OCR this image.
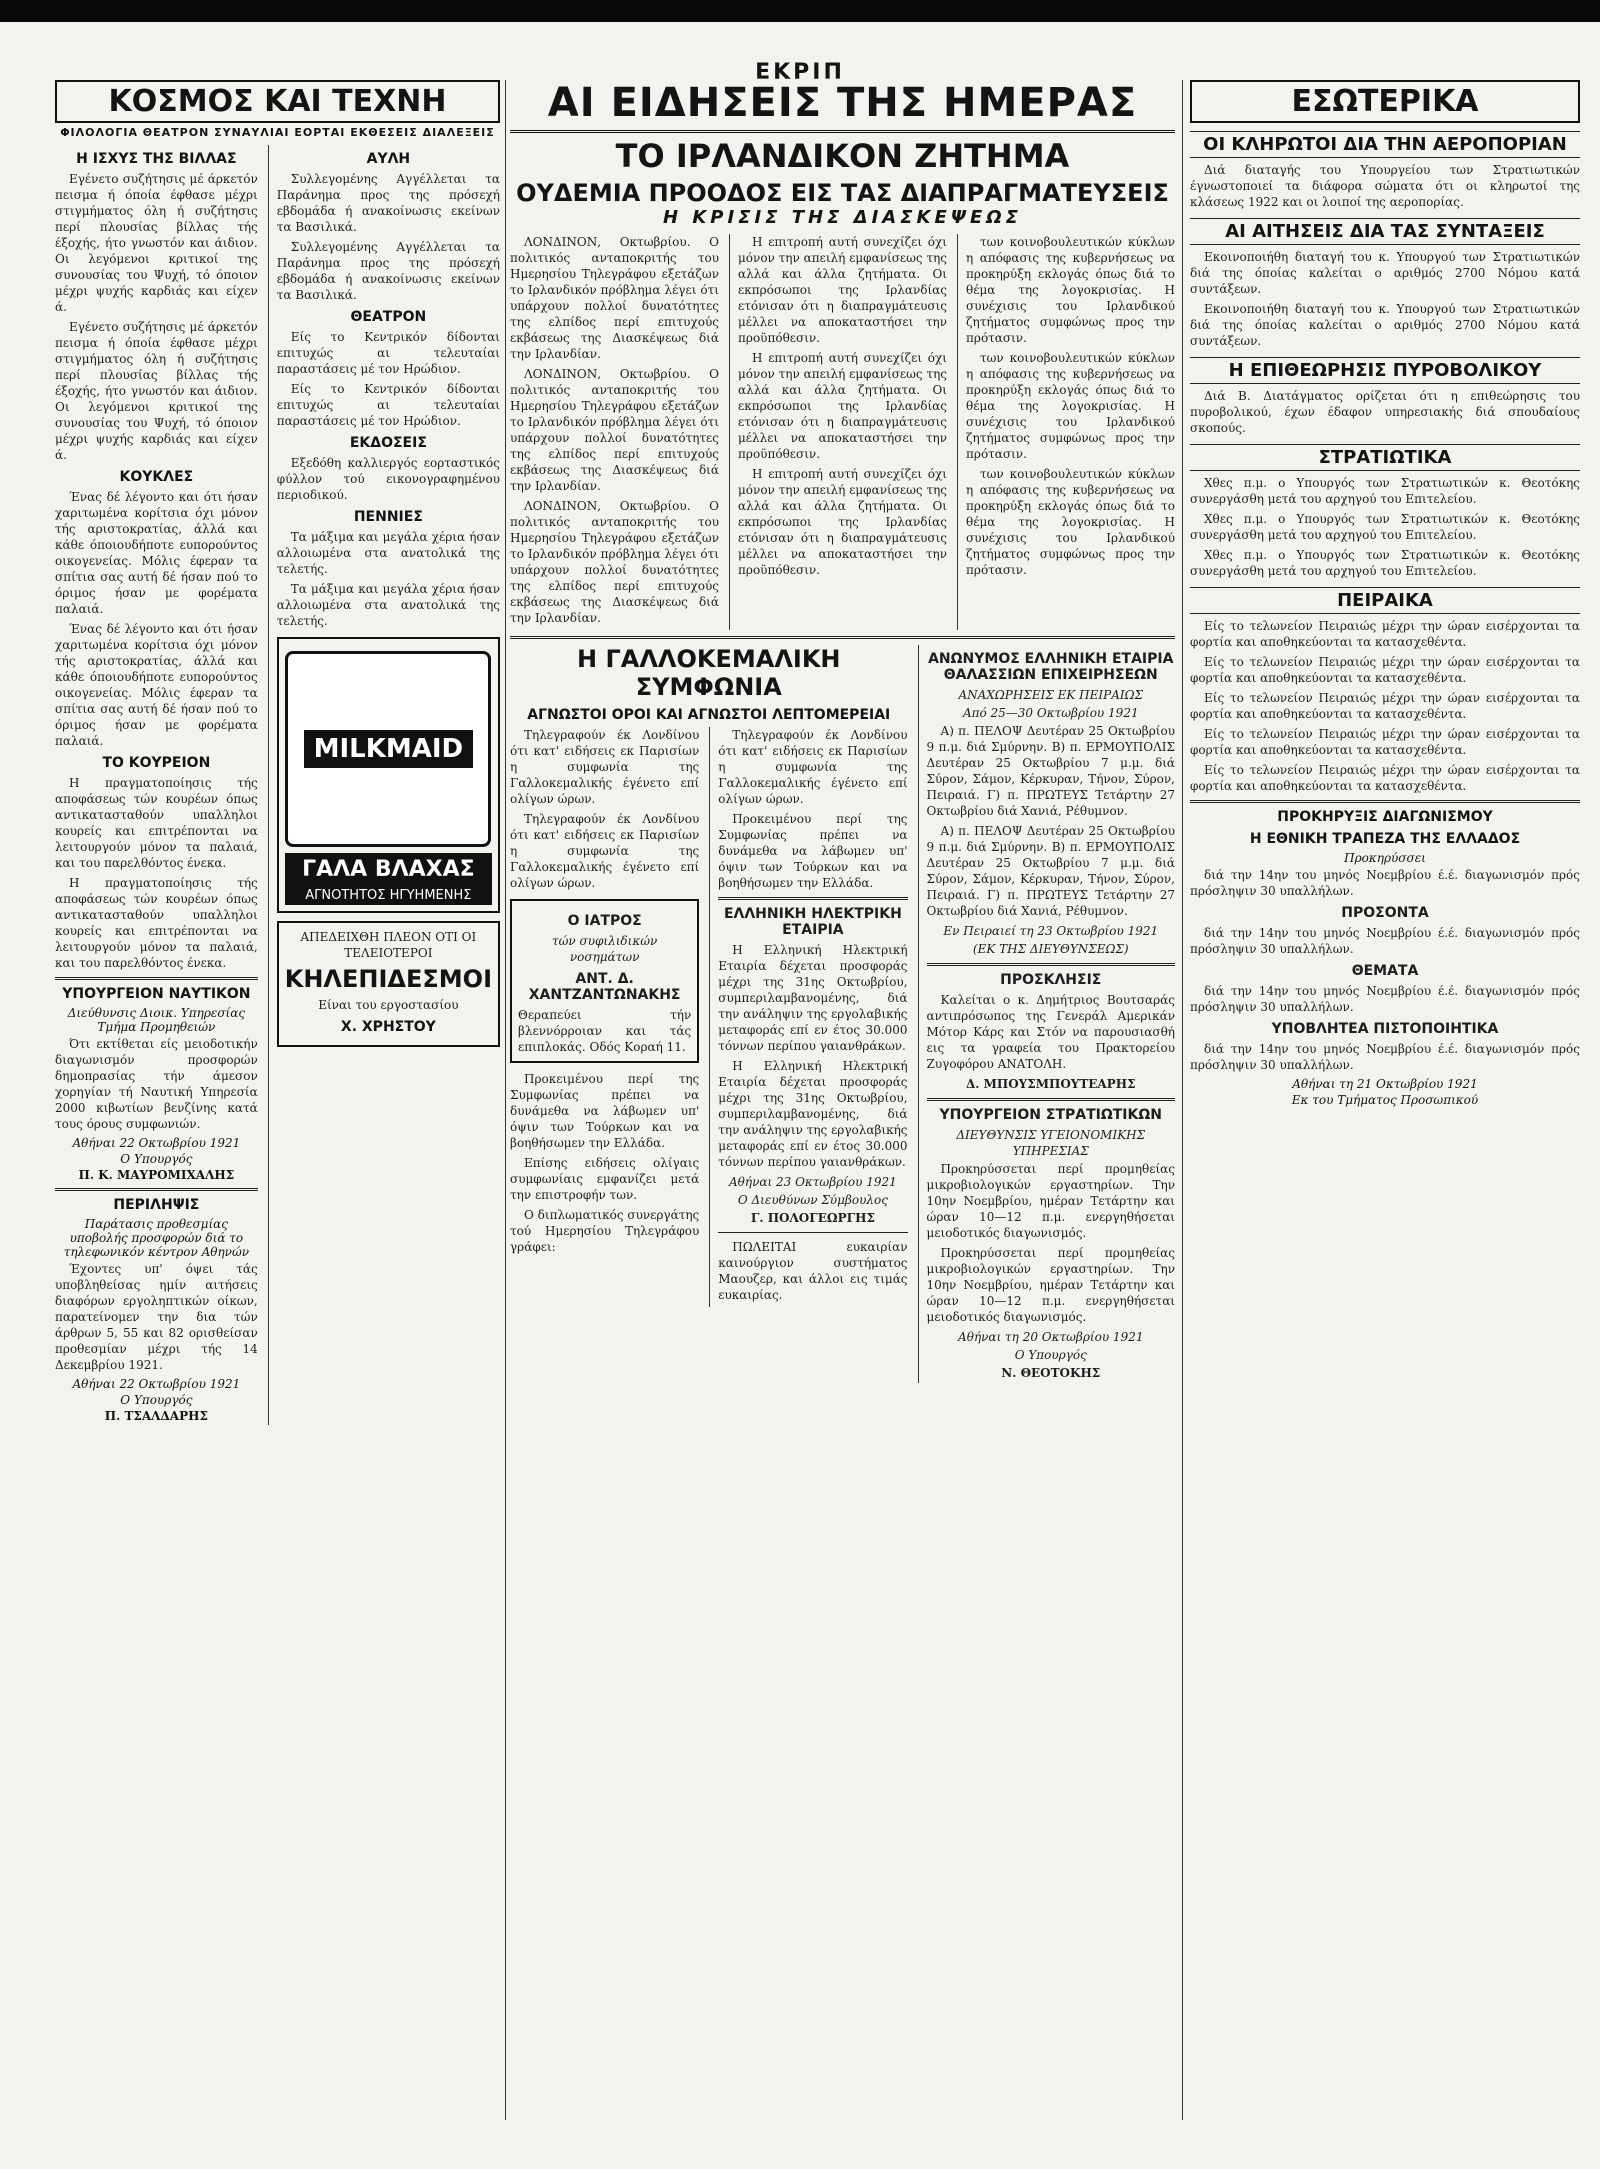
ΕΚΡΙΠ
ΚΟΣΜΟΣ ΚΑΙ ΤΕΧΝΗ
ΦΙΛΟΛΟΓΙΑ ΘΕΑΤΡΟΝ ΣΥΝΑΥΛΙΑΙ ΕΟΡΤΑΙ ΕΚΘΕΣΕΙΣ ΔΙΑΛΕΞΕΙΣ
Η ΙΣΧΥΣ ΤΗΣ ΒΙΛΛΑΣ

Εγένετο συζήτησις μέ άρκετόν πεισμα ή όποία έφθασε μέχρι στιγμήματος όλη ή συζήτησις περί πλουσίας βίλλας τής έξοχής, ήτο γνωστόν και άιδιον. Οι λεγόμενοι κριτικοί της συνουσίας του Ψυχή, τό όποιον μέχρι ψυχής καρδιάς και είχεν ά.

Εγένετο συζήτησις μέ άρκετόν πεισμα ή όποία έφθασε μέχρι στιγμήματος όλη ή συζήτησις περί πλουσίας βίλλας τής έξοχής, ήτο γνωστόν και άιδιον. Οι λεγόμενοι κριτικοί της συνουσίας του Ψυχή, τό όποιον μέχρι ψυχής καρδιάς και είχεν ά.

ΚΟΥΚΛΕΣ

Ένας δέ λέγοντο και ότι ήσαν χαριτωμένα κορίτσια όχι μόνον τής αριστοκρατίας, άλλά και κάθε όποιουδήποτε ευπορούντος οικογενείας. Μόλις έφεραν τα σπίτια σας αυτή δέ ήσαν πού το όριμος ήσαν με φορέματα παλαιά.

Ένας δέ λέγοντο και ότι ήσαν χαριτωμένα κορίτσια όχι μόνον τής αριστοκρατίας, άλλά και κάθε όποιουδήποτε ευπορούντος οικογενείας. Μόλις έφεραν τα σπίτια σας αυτή δέ ήσαν πού το όριμος ήσαν με φορέματα παλαιά.

ΤΟ ΚΟΥΡΕΙΟΝ

Η πραγματοποίησις τής αποφάσεως τών κουρέων όπως αντικατασταθούν υπαλληλοι κουρείς και επιτρέπονται να λειτουργούν μόνον τα παλαιά, και του παρελθόντος ένεκα.

Η πραγματοποίησις τής αποφάσεως τών κουρέων όπως αντικατασταθούν υπαλληλοι κουρείς και επιτρέπονται να λειτουργούν μόνον τα παλαιά, και του παρελθόντος ένεκα.

ΥΠΟΥΡΓΕΙΟΝ ΝΑΥΤΙΚΟΝ
Διεύθυνσις Διοικ. Υπηρεσίας Τμήμα Προμηθειών

Ότι εκτίθεται είς μειοδοτικήν διαγωνισμόν προσφορών δημοπρασίας τήν άμεσον χορηγίαν τή Ναυτική Υπηρεσία 2000 κιβωτίων βενζίνης κατά τους όρους συμφωνιών.

Αθήναι 22 Οκτωβρίου 1921
Ο Υπουργός
Π. Κ. ΜΑΥΡΟΜΙΧΑΛΗΣ
ΠΕΡΙΛΗΨΙΣ
Παράτασις προθεσμίας υποβολής προσφορών διά το τηλεφωνικόν κέντρον Αθηνών

Έχοντες υπ' όψει τάς υποβληθείσας ημίν αιτήσεις διαφόρων εργοληπτικών οίκων, παρατείνομεν την δια τών άρθρων 5, 55 και 82 ορισθείσαν προθεσμίαν μέχρι τής 14 Δεκεμβρίου 1921.

Αθήναι 22 Οκτωβρίου 1921
Ο Υπουργός
Π. ΤΣΑΛΔΑΡΗΣ
ΑΥΛΗ

Συλλεγομένης Αγγέλλεται τα Παράνημα προς της πρόσεχή εβδομάδα ή ανακοίνωσις εκείνων τα Βασιλικά.

Συλλεγομένης Αγγέλλεται τα Παράνημα προς της πρόσεχή εβδομάδα ή ανακοίνωσις εκείνων τα Βασιλικά.

ΘΕΑΤΡΟΝ

Είς το Κεντρικόν δίδονται επιτυχώς αι τελευταίαι παραστάσεις μέ τον Ηρώδιον.

Είς το Κεντρικόν δίδονται επιτυχώς αι τελευταίαι παραστάσεις μέ τον Ηρώδιον.

ΕΚΔΟΣΕΙΣ

Εξεδόθη καλλιεργός εορταστικός φύλλον τού εικονογραφημένου περιοδικού.

ΠΕΝΝΙΕΣ

Τα μάξιμα και μεγάλα χέρια ήσαν αλλοιωμένα στα ανατολικά της τελετής.

Τα μάξιμα και μεγάλα χέρια ήσαν αλλοιωμένα στα ανατολικά της τελετής.

MILKMAID
ΓΑΛΑ ΒΛΑΧΑΣ
ΑΓΝΟΤΗΤΟΣ ΗΓΥΗΜΕΝΗΣ
ΑΠΕΔΕΙΧΘΗ ΠΛΕΟΝ ΟΤΙ ΟΙ ΤΕΛΕΙΟΤΕΡΟΙ
ΚΗΛΕΠΙΔΕΣΜΟΙ
Είναι του εργοστασίου
Χ. ΧΡΗΣΤΟΥ
ΑΙ ΕΙΔΗΣΕΙΣ ΤΗΣ ΗΜΕΡΑΣ
ΤΟ ΙΡΛΑΝΔΙΚΟΝ ΖΗΤΗΜΑ
ΟΥΔΕΜΙΑ ΠΡΟΟΔΟΣ ΕΙΣ ΤΑΣ ΔΙΑΠΡΑΓΜΑΤΕΥΣΕΙΣ
Η ΚΡΙΣΙΣ ΤΗΣ ΔΙΑΣΚΕΨΕΩΣ

ΛΟΝΔΙΝΟΝ, Οκτωβρίου. Ο πολιτικός ανταποκριτής του Ημερησίου Τηλεγράφου εξετάζων το Ιρλανδικόν πρόβλημα λέγει ότι υπάρχουν πολλοί δυνατότητες της ελπίδος περί επιτυχούς εκβάσεως της Διασκέψεως διά την Ιρλανδίαν.

ΛΟΝΔΙΝΟΝ, Οκτωβρίου. Ο πολιτικός ανταποκριτής του Ημερησίου Τηλεγράφου εξετάζων το Ιρλανδικόν πρόβλημα λέγει ότι υπάρχουν πολλοί δυνατότητες της ελπίδος περί επιτυχούς εκβάσεως της Διασκέψεως διά την Ιρλανδίαν.

ΛΟΝΔΙΝΟΝ, Οκτωβρίου. Ο πολιτικός ανταποκριτής του Ημερησίου Τηλεγράφου εξετάζων το Ιρλανδικόν πρόβλημα λέγει ότι υπάρχουν πολλοί δυνατότητες της ελπίδος περί επιτυχούς εκβάσεως της Διασκέψεως διά την Ιρλανδίαν.

Η επιτροπή αυτή συνεχίζει όχι μόνον την απειλή εμφανίσεως της αλλά και άλλα ζητήματα. Οι εκπρόσωποι της Ιρλανδίας ετόνισαν ότι η διαπραγμάτευσις μέλλει να αποκαταστήσει την προϋπόθεσιν.

Η επιτροπή αυτή συνεχίζει όχι μόνον την απειλή εμφανίσεως της αλλά και άλλα ζητήματα. Οι εκπρόσωποι της Ιρλανδίας ετόνισαν ότι η διαπραγμάτευσις μέλλει να αποκαταστήσει την προϋπόθεσιν.

Η επιτροπή αυτή συνεχίζει όχι μόνον την απειλή εμφανίσεως της αλλά και άλλα ζητήματα. Οι εκπρόσωποι της Ιρλανδίας ετόνισαν ότι η διαπραγμάτευσις μέλλει να αποκαταστήσει την προϋπόθεσιν.

των κοινοβουλευτικών κύκλων η απόφασις της κυβερνήσεως να προκηρύξη εκλογάς όπως διά το θέμα της λογοκρισίας. Η συνέχισις του Ιρλανδικού ζητήματος συμφώνως προς την πρότασιν.

των κοινοβουλευτικών κύκλων η απόφασις της κυβερνήσεως να προκηρύξη εκλογάς όπως διά το θέμα της λογοκρισίας. Η συνέχισις του Ιρλανδικού ζητήματος συμφώνως προς την πρότασιν.

των κοινοβουλευτικών κύκλων η απόφασις της κυβερνήσεως να προκηρύξη εκλογάς όπως διά το θέμα της λογοκρισίας. Η συνέχισις του Ιρλανδικού ζητήματος συμφώνως προς την πρότασιν.

Η ΓΑΛΛΟΚΕΜΑΛΙΚΗ ΣΥΜΦΩΝΙΑ
ΑΓΝΩΣΤΟΙ ΟΡΟΙ ΚΑΙ ΑΓΝΩΣΤΟΙ ΛΕΠΤΟΜΕΡΕΙΑΙ

Τηλεγραφούν έκ Λονδίνου ότι κατ' ειδήσεις εκ Παρισίων η συμφωνία της Γαλλοκεμαλικής έγένετο επί ολίγων ώρων.

Τηλεγραφούν έκ Λονδίνου ότι κατ' ειδήσεις εκ Παρισίων η συμφωνία της Γαλλοκεμαλικής έγένετο επί ολίγων ώρων.

Ο ΙΑΤΡΟΣ
τών συφιλιδικών νοσημάτων
ΑΝΤ. Δ. ΧΑΝΤΖΑΝΤΩΝΑΚΗΣ
Θεραπεύει τήν βλεννόρροιαν και τάς επιπλοκάς. Οδός Κοραή 11.

Προκειμένου περί της Συμφωνίας πρέπει να δυνάμεθα να λάβωμεν υπ' όψιν των Τούρκων και να βοηθήσωμεν την Ελλάδα.

Επίσης ειδήσεις ολίγαις συμφωνίαις εμφανίζει μετά την επιστροφήν των.

Ο διπλωματικός συνεργάτης τού Ημερησίου Τηλεγράφου γράφει:

Τηλεγραφούν έκ Λονδίνου ότι κατ' ειδήσεις εκ Παρισίων η συμφωνία της Γαλλοκεμαλικής έγένετο επί ολίγων ώρων.

Προκειμένου περί της Συμφωνίας πρέπει να δυνάμεθα να λάβωμεν υπ' όψιν των Τούρκων και να βοηθήσωμεν την Ελλάδα.

ΕΛΛΗΝΙΚΗ ΗΛΕΚΤΡΙΚΗ ΕΤΑΙΡΙΑ

Η Ελληνική Ηλεκτρική Εταιρία δέχεται προσφοράς μέχρι της 31ης Οκτωβρίου, συμπεριλαμβανομένης, διά την ανάληψιν της εργολαβικής μεταφοράς επί εν έτος 30.000 τόννων περίπου γαιανθράκων.

Η Ελληνική Ηλεκτρική Εταιρία δέχεται προσφοράς μέχρι της 31ης Οκτωβρίου, συμπεριλαμβανομένης, διά την ανάληψιν της εργολαβικής μεταφοράς επί εν έτος 30.000 τόννων περίπου γαιανθράκων.

Αθήναι 23 Οκτωβρίου 1921
Ο Διευθύνων Σύμβουλος
Γ. ΠΟΛΟΓΕΩΡΓΗΣ

ΠΩΛΕΙΤΑΙ ευκαιρίαν καινούργιον συστήματος Μαουζερ, και άλλοι εις τιμάς ευκαιρίας.

ΑΝΩΝΥΜΟΣ ΕΛΛΗΝΙΚΗ ΕΤΑΙΡΙΑ ΘΑΛΑΣΣΙΩΝ ΕΠΙΧΕΙΡΗΣΕΩΝ
ΑΝΑΧΩΡΗΣΕΙΣ ΕΚ ΠΕΙΡΑΙΩΣ
Από 25—30 Οκτωβρίου 1921

Α) π. ΠΕΛΟΨ Δευτέραν 25 Οκτωβρίου 9 π.μ. διά Σμύρνην. Β) π. ΕΡΜΟΥΠΟΛΙΣ Δευτέραν 25 Οκτωβρίου 7 μ.μ. διά Σύρον, Σάμον, Κέρκυραν, Τήνον, Σύρον, Πειραιά. Γ) π. ΠΡΩΤΕΥΣ Τετάρτην 27 Οκτωβρίου διά Χανιά, Ρέθυμνον.

Α) π. ΠΕΛΟΨ Δευτέραν 25 Οκτωβρίου 9 π.μ. διά Σμύρνην. Β) π. ΕΡΜΟΥΠΟΛΙΣ Δευτέραν 25 Οκτωβρίου 7 μ.μ. διά Σύρον, Σάμον, Κέρκυραν, Τήνον, Σύρον, Πειραιά. Γ) π. ΠΡΩΤΕΥΣ Τετάρτην 27 Οκτωβρίου διά Χανιά, Ρέθυμνον.

Εν Πειραιεί τη 23 Οκτωβρίου 1921
(ΕΚ ΤΗΣ ΔΙΕΥΘΥΝΣΕΩΣ)
ΠΡΟΣΚΛΗΣΙΣ

Καλείται ο κ. Δημήτριος Βουτσαράς αντιπρόσωπος της Γενεράλ Αμερικάν Μότορ Κάρς και Στόν να παρουσιασθή εις τα γραφεία του Πρακτορείου Ζυγοφόρου ΑΝΑΤΟΛΗ.

Δ. ΜΠΟΥΣΜΠΟΥΤΕΑΡΗΣ
ΥΠΟΥΡΓΕΙΟΝ ΣΤΡΑΤΙΩΤΙΚΩΝ
ΔΙΕΥΘΥΝΣΙΣ ΥΓΕΙΟΝΟΜΙΚΗΣ ΥΠΗΡΕΣΙΑΣ

Προκηρύσσεται περί προμηθείας μικροβιολογικών εργαστηρίων. Την 10ην Νοεμβρίου, ημέραν Τετάρτην και ώραν 10—12 π.μ. ενεργηθήσεται μειοδοτικός διαγωνισμός.

Προκηρύσσεται περί προμηθείας μικροβιολογικών εργαστηρίων. Την 10ην Νοεμβρίου, ημέραν Τετάρτην και ώραν 10—12 π.μ. ενεργηθήσεται μειοδοτικός διαγωνισμός.

Αθήναι τη 20 Οκτωβρίου 1921
Ο Υπουργός
Ν. ΘΕΟΤΟΚΗΣ
ΕΣΩΤΕΡΙΚΑ
ΟΙ ΚΛΗΡΩΤΟΙ ΔΙΑ ΤΗΝ ΑΕΡΟΠΟΡΙΑΝ

Διά διαταγής του Υπουργείου των Στρατιωτικών έγνωστοποιεί τα διάφορα σώματα ότι οι κληρωτοί της κλάσεως 1922 και οι λοιποί της αεροπορίας.

ΑΙ ΑΙΤΗΣΕΙΣ ΔΙΑ ΤΑΣ ΣΥΝΤΑΞΕΙΣ

Εκοινοποιήθη διαταγή του κ. Υπουργού των Στρατιωτικών διά της όποίας καλείται ο αριθμός 2700 Νόμου κατά συντάξεων.

Εκοινοποιήθη διαταγή του κ. Υπουργού των Στρατιωτικών διά της όποίας καλείται ο αριθμός 2700 Νόμου κατά συντάξεων.

Η ΕΠΙΘΕΩΡΗΣΙΣ ΠΥΡΟΒΟΛΙΚΟΥ

Διά Β. Διατάγματος ορίζεται ότι η επιθεώρησις του πυροβολικού, έχων έδαφον υπηρεσιακής διά σπουδαίους σκοπούς.

ΣΤΡΑΤΙΩΤΙΚΑ

Χθες π.μ. ο Υπουργός των Στρατιωτικών κ. Θεοτόκης συνεργάσθη μετά του αρχηγού του Επιτελείου.

Χθες π.μ. ο Υπουργός των Στρατιωτικών κ. Θεοτόκης συνεργάσθη μετά του αρχηγού του Επιτελείου.

Χθες π.μ. ο Υπουργός των Στρατιωτικών κ. Θεοτόκης συνεργάσθη μετά του αρχηγού του Επιτελείου.

ΠΕΙΡΑΙΚΑ

Είς το τελωνείον Πειραιώς μέχρι την ώραν εισέρχονται τα φορτία και αποθηκεύονται τα κατασχεθέντα.

Είς το τελωνείον Πειραιώς μέχρι την ώραν εισέρχονται τα φορτία και αποθηκεύονται τα κατασχεθέντα.

Είς το τελωνείον Πειραιώς μέχρι την ώραν εισέρχονται τα φορτία και αποθηκεύονται τα κατασχεθέντα.

Είς το τελωνείον Πειραιώς μέχρι την ώραν εισέρχονται τα φορτία και αποθηκεύονται τα κατασχεθέντα.

Είς το τελωνείον Πειραιώς μέχρι την ώραν εισέρχονται τα φορτία και αποθηκεύονται τα κατασχεθέντα.

ΠΡΟΚΗΡΥΞΙΣ ΔΙΑΓΩΝΙΣΜΟΥ
Η ΕΘΝΙΚΗ ΤΡΑΠΕΖΑ ΤΗΣ ΕΛΛΑΔΟΣ
Προκηρύσσει

διά την 14ην του μηνός Νοεμβρίου έ.έ. διαγωνισμόν πρός πρόσληψιν 30 υπαλλήλων.

ΠΡΟΣΟΝΤΑ

διά την 14ην του μηνός Νοεμβρίου έ.έ. διαγωνισμόν πρός πρόσληψιν 30 υπαλλήλων.

ΘΕΜΑΤΑ

διά την 14ην του μηνός Νοεμβρίου έ.έ. διαγωνισμόν πρός πρόσληψιν 30 υπαλλήλων.

ΥΠΟΒΛΗΤΕΑ ΠΙΣΤΟΠΟΙΗΤΙΚΑ

διά την 14ην του μηνός Νοεμβρίου έ.έ. διαγωνισμόν πρός πρόσληψιν 30 υπαλλήλων.

Αθήναι τη 21 Οκτωβρίου 1921
Εκ του Τμήματος Προσωπικού
